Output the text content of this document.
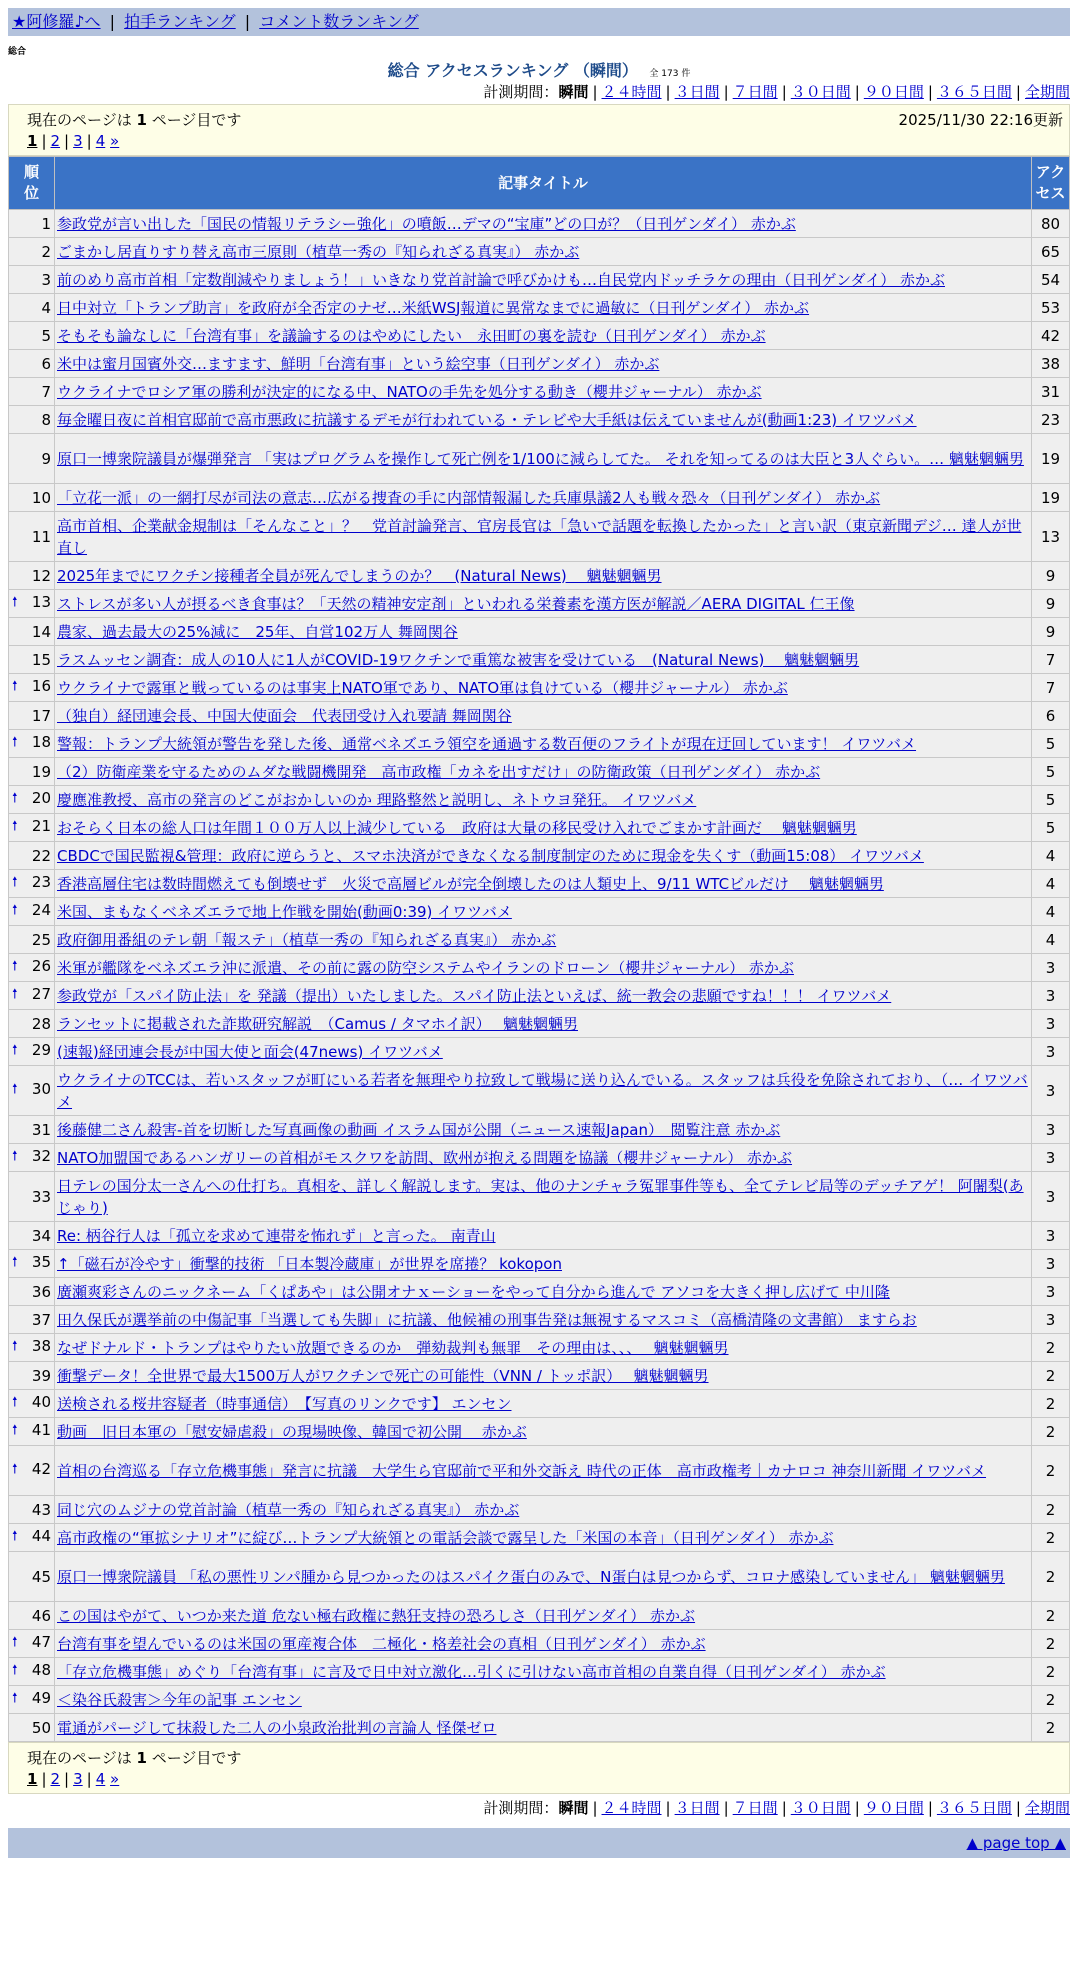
★阿修羅♪へ | 拍手ランキング | コメント数ランキング
総合
総合 アクセスランキング （瞬間） 全 173 件
計測期間：瞬間 | ２４時間 | ３日間 | ７日間 | ３０日間 | ９０日間 | ３６５日間 | 全期間
現在のページは 1 ページ目です	2025/11/30 22:16更新
1 | 2 | 3 | 4 »
順位	記事タイトル	アクセス
1	参政党が言い出した「国民の情報リテラシー強化」の噴飯…デマの“宝庫”どの口が？（日刊ゲンダイ） 赤かぶ	80
2	ごまかし居直りすり替え高市三原則（植草一秀の『知られざる真実』） 赤かぶ	65
3	前のめり高市首相「定数削減やりましょう！」いきなり党首討論で呼びかけも…自民党内ドッチラケの理由（日刊ゲンダイ） 赤かぶ	54
4	日中対立「トランプ助言」を政府が全否定のナゼ…米紙WSJ報道に異常なまでに過敏に（日刊ゲンダイ） 赤かぶ	53
5	そもそも論なしに「台湾有事」を議論するのはやめにしたい　永田町の裏を読む（日刊ゲンダイ） 赤かぶ	42
6	米中は蜜月国賓外交…ますます、鮮明「台湾有事」という絵空事（日刊ゲンダイ） 赤かぶ	38
7	ウクライナでロシア軍の勝利が決定的になる中、NATOの手先を処分する動き（櫻井ジャーナル） 赤かぶ	31
8	毎金曜日夜に首相官邸前で高市悪政に抗議するデモが行われている・テレビや大手紙は伝えていませんが(動画1:23) イワツバメ	23
9	原口一博衆院議員が爆弾発言 「実はプログラムを操作して死亡例を1/100に減らしてた。 それを知ってるのは大臣と3人ぐらい。… 魑魅魍魎男	19
10	「立花一派」の一網打尽が司法の意志…広がる捜査の手に内部情報漏した兵庫県議2人も戦々恐々（日刊ゲンダイ） 赤かぶ	19
11	高市首相、企業献金規制は「そんなこと」？　党首討論発言、官房長官は「急いで話題を転換したかった」と言い訳（東京新聞デジ… 達人が世直し	13
12	2025年までにワクチン接種者全員が死んでしまうのか？　(Natural News)　 魑魅魍魎男	9

🠕 13	ストレスが多い人が摂るべき食事は？「天然の精神安定剤」といわれる栄養素を漢方医が解説／AERA DIGITAL 仁王像	9
14	農家、過去最大の25%減に　25年、自営102万人 舞岡関谷	9
15	ラスムッセン調査：成人の10人に1人がCOVID-19ワクチンで重篤な被害を受けている　(Natural News)　 魑魅魍魎男	7

🠕 16	ウクライナで露軍と戦っているのは事実上NATO軍であり、NATO軍は負けている（櫻井ジャーナル） 赤かぶ	7
17	（独自）経団連会長、中国大使面会　代表団受け入れ要請 舞岡関谷	6

🠕 18	警報：トランプ大統領が警告を発した後、通常ベネズエラ領空を通過する数百便のフライトが現在迂回しています！ イワツバメ	5
19	（2）防衛産業を守るためのムダな戦闘機開発　高市政権「カネを出すだけ」の防衛政策（日刊ゲンダイ） 赤かぶ	5

🠕 20	慶應准教授、高市の発言のどこがおかしいのか 理路整然と説明し、ネトウヨ発狂。 イワツバメ	5

🠕 21	おそらく日本の総人口は年間１００万人以上減少している　政府は大量の移民受け入れでごまかす計画だ　 魑魅魍魎男	5
22	CBDCで国民監視&管理：政府に逆らうと、スマホ決済ができなくなる制度制定のために現金を失くす（動画15:08） イワツバメ	4

🠕 23	香港高層住宅は数時間燃えても倒壊せず　火災で高層ビルが完全倒壊したのは人類史上、9/11 WTCビルだけ　 魑魅魍魎男	4

🠕 24	米国、まもなくベネズエラで地上作戦を開始(動画0:39) イワツバメ	4
25	政府御用番組のテレ朝「報ステ」（植草一秀の『知られざる真実』） 赤かぶ	4

🠕 26	米軍が艦隊をベネズエラ沖に派遣、その前に露の防空システムやイランのドローン（櫻井ジャーナル） 赤かぶ	3

🠕 27	参政党が「スパイ防止法」を 発議（提出）いたしました。スパイ防止法といえば、統一教会の悲願ですね！！！ イワツバメ	3
28	ランセットに掲載された詐欺研究解説　（Camus / タマホイ訳）　 魑魅魍魎男	3

🠕 29	(速報)経団連会長が中国大使と面会(47news) イワツバメ	3

🠕 30	ウクライナのTCCは、若いスタッフが町にいる若者を無理やり拉致して戦場に送り込んでいる。スタッフは兵役を免除されており、（… イワツバメ	3
31	後藤健二さん殺害-首を切断した写真画像の動画 イスラム国が公開（ニュース速報Japan）　閲覧注意 赤かぶ	3

🠕 32	NATO加盟国であるハンガリーの首相がモスクワを訪問、欧州が抱える問題を協議（櫻井ジャーナル） 赤かぶ	3
33	日テレの国分太一さんへの仕打ち。真相を、詳しく解説します。実は、他のナンチャラ冤罪事件等も、全てテレビ局等のデッチアゲ！ 阿闍梨(あじゃり)	3
34	Re: 柄谷行人は「孤立を求めて連帯を怖れず」と言った。 南青山	3

🠕 35	↑「磁石が冷やす」衝撃的技術 「日本製冷蔵庫」が世界を席捲？ kokopon	3
36	廣瀬爽彩さんのニックネーム「くぱあや」は公開オナｘーショーをやって自分から進んで アソコを大きく押し広げて 中川隆	3
37	田久保氏が選挙前の中傷記事「当選しても失脚」に抗議、他候補の刑事告発は無視するマスコミ（高橋清隆の文書館） ますらお	3

🠕 38	なぜドナルド・トランプはやりたい放題できるのか　弾劾裁判も無罪　その理由は、、、　 魑魅魍魎男	2
39	衝撃データ！全世界で最大1500万人がワクチンで死亡の可能性（VNN / トッポ訳）　 魑魅魍魎男	2

🠕 40	送検される桜井容疑者（時事通信）　【写真のリンクです】 エンセン	2

🠕 41	動画　旧日本軍の「慰安婦虐殺」の現場映像、韓国で初公開　 赤かぶ	2

🠕 42	首相の台湾巡る「存立危機事態」発言に抗議　大学生ら官邸前で平和外交訴え 時代の正体　高市政権考｜カナロコ 神奈川新聞 イワツバメ	2
43	同じ穴のムジナの党首討論（植草一秀の『知られざる真実』） 赤かぶ	2

🠕 44	高市政権の“軍拡シナリオ”に綻び…トランプ大統領との電話会談で露呈した「米国の本音」（日刊ゲンダイ） 赤かぶ	2
45	原口一博衆院議員 「私の悪性リンパ腫から見つかったのはスパイク蛋白のみで、N蛋白は見つからず、コロナ感染していません」 魑魅魍魎男	2
46	この国はやがて、いつか来た道 危ない極右政権に熱狂支持の恐ろしさ（日刊ゲンダイ） 赤かぶ	2

🠕 47	台湾有事を望んでいるのは米国の軍産複合体　二極化・格差社会の真相（日刊ゲンダイ） 赤かぶ	2

🠕 48	「存立危機事態」めぐり「台湾有事」に言及で日中対立激化…引くに引けない高市首相の自業自得（日刊ゲンダイ） 赤かぶ	2

🠕 49	＜染谷氏殺害＞今年の記事 エンセン	2
50	電通がパージして抹殺した二人の小泉政治批判の言論人 怪傑ゼロ	2
現在のページは 1 ページ目です
1 | 2 | 3 | 4 »
計測期間：瞬間 | ２４時間 | ３日間 | ７日間 | ３０日間 | ９０日間 | ３６５日間 | 全期間
▲ page top ▲
